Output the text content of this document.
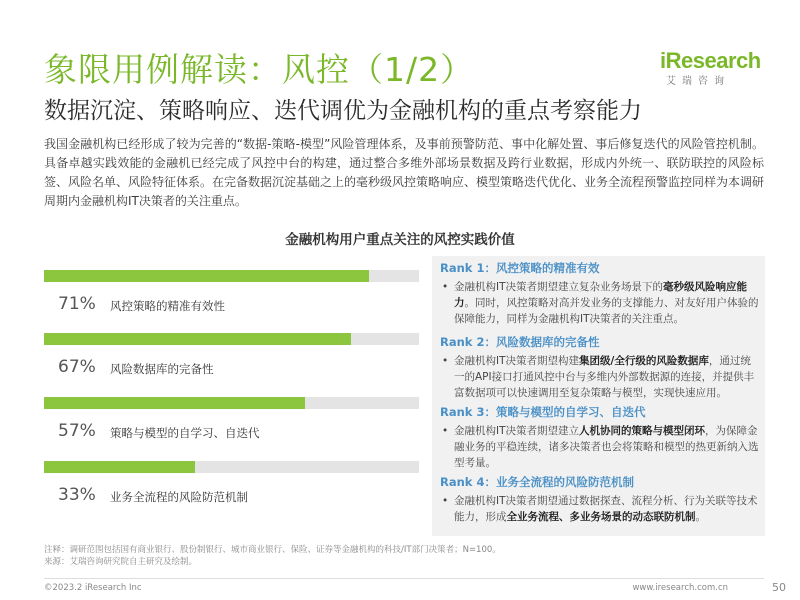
象限用例解读：风控（1/2）	iResearch
艾瑞咨询
数据沉淀、策略响应、迭代调优为金融机构的重点考察能力
我国金融机构已经形成了较为完善的“数据-策略-模型”风险管理体系，及事前预警防范、事中化解处置、事后修复迭代的风险管控机制。具备卓越实践效能的金融机已经完成了风控中台的构建，通过整合多维外部场景数据及跨行业数据，形成内外统一、联防联控的风险标签、风险名单、风险特征体系。在完备数据沉淀基础之上的毫秒级风控策略响应、模型策略迭代优化、业务全流程预警监控同样为本调研周期内金融机构IT决策者的关注重点。
金融机构用户重点关注的风控实践价值
71% 风控策略的精准有效性
67% 风险数据库的完备性
57% 策略与模型的自学习、自迭代
33% 业务全流程的风险防范机制
Rank 1：风控策略的精准有效
• 金融机构IT决策者期望建立复杂业务场景下的毫秒级风险响应能力。同时，风控策略对高并发业务的支撑能力、对友好用户体验的保障能力，同样为金融机构IT决策者的关注重点。
Rank 2：风险数据库的完备性
• 金融机构IT决策者期望构建集团级/全行级的风险数据库，通过统一的API接口打通风控中台与多维内外部数据源的连接，并提供丰富数据项可以快速调用至复杂策略与模型，实现快速应用。
Rank 3：策略与模型的自学习、自迭代
• 金融机构IT决策者期望建立人机协同的策略与模型闭环，为保障金融业务的平稳连续，诸多决策者也会将策略和模型的热更新纳入选型考量。
Rank 4：业务全流程的风险防范机制
• 金融机构IT决策者期望通过数据探查、流程分析、行为关联等技术能力，形成全业务流程、多业务场景的动态联防机制。
注释：调研范围包括国有商业银行、股份制银行、城市商业银行、保险、证券等金融机构的科技/IT部门决策者；N=100。
来源：艾瑞咨询研究院自主研究及绘制。
©2023.2 iResearch Inc	www.iresearch.com.cn	50
